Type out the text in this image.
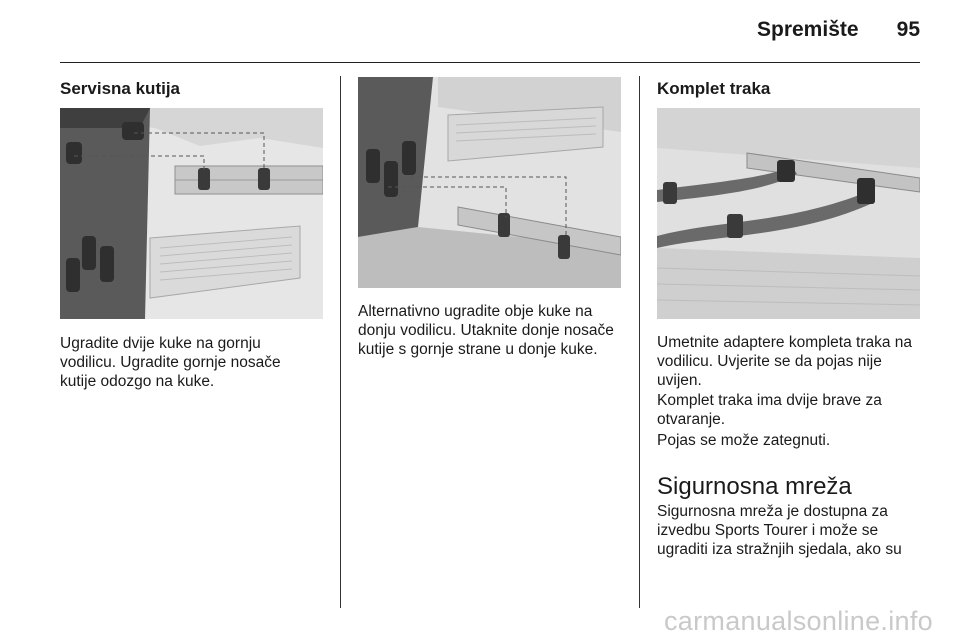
Spremište	95
Servisna kutija
Ugradite dvije kuke na gornju
vodilicu. Ugradite gornje nosače
kutije odozgo na kuke.
Alternativno ugradite obje kuke na
donju vodilicu. Utaknite donje nosače
kutije s gornje strane u donje kuke.
Komplet traka
Umetnite adaptere kompleta traka na
vodilicu. Uvjerite se da pojas nije
uvijen.
Komplet traka ima dvije brave za
otvaranje.
Pojas se može zategnuti.
Sigurnosna mreža
Sigurnosna mreža je dostupna za
izvedbu Sports Tourer i može se
ugraditi iza stražnjih sjedala, ako su
carmanualsonline.info
